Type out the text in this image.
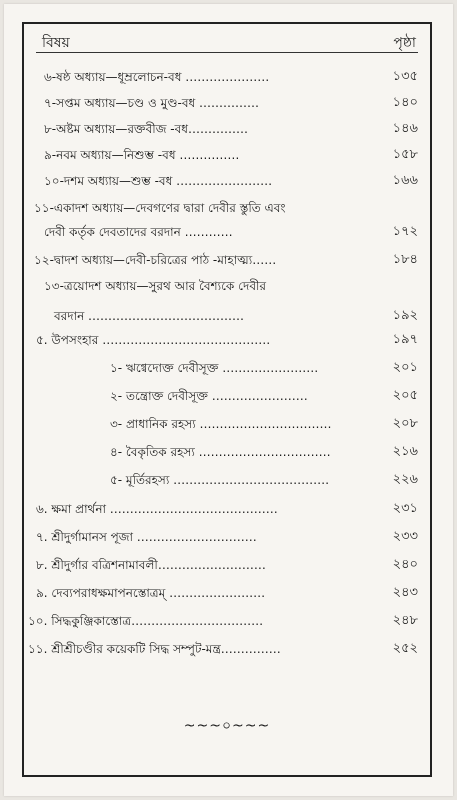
বিষয়	পৃষ্ঠা
৬-ষষ্ঠ অধ্যায়—ধূম্রলোচন-বধ …………………	১৩৫
৭-সপ্তম অধ্যায়—চণ্ড ও মুণ্ড-বধ ……………	১৪০
৮-অষ্টম অধ্যায়—রক্তবীজ -বধ……………	১৪৬
৯-নবম অধ্যায়—নিশুম্ভ -বধ ……………	১৫৮
১০-দশম অধ্যায়—শুম্ভ -বধ ……………………	১৬৬
১১-একাদশ অধ্যায়—দেবগণের দ্বারা দেবীর স্তুতি এবং
দেবী কর্তৃক দেবতাদের বরদান …………	১৭২
১২-দ্বাদশ অধ্যায়—দেবী-চরিত্রের পাঠ -মাহাত্ম্য……	১৮৪
১৩-ত্রয়োদশ অধ্যায়—সুরথ আর বৈশ্যকে দেবীর
বরদান …………………………………	১৯২
৫. উপসংহার ……………………………………	১৯৭
১- ঋগ্বেদোক্ত দেবীসূক্ত ……………………	২০১
২- তন্ত্রোক্ত দেবীসূক্ত ……………………	২০৫
৩- প্রাধানিক রহস্য ……………………………	২০৮
৪- বৈকৃতিক রহস্য ……………………………	২১৬
৫- মূর্তিরহস্য …………………………………	২২৬
৬. ক্ষমা প্রার্থনা ……………………………………	২৩১
৭. শ্রীদুর্গামানস পূজা …………………………	২৩৩
৮. শ্রীদুর্গার বত্রিশনামাবলী………………………	২৪০
৯. দেব্যপরাধক্ষমাপনস্তোত্রম্ ……………………	২৪৩
১০. সিদ্ধকুঞ্জিকাস্তোত্র……………………………	২৪৮
১১. শ্রীশ্রীচণ্ডীর কয়েকটি সিদ্ধ সম্পুট-মন্ত্র……………	২৫২
~~~০~~~
